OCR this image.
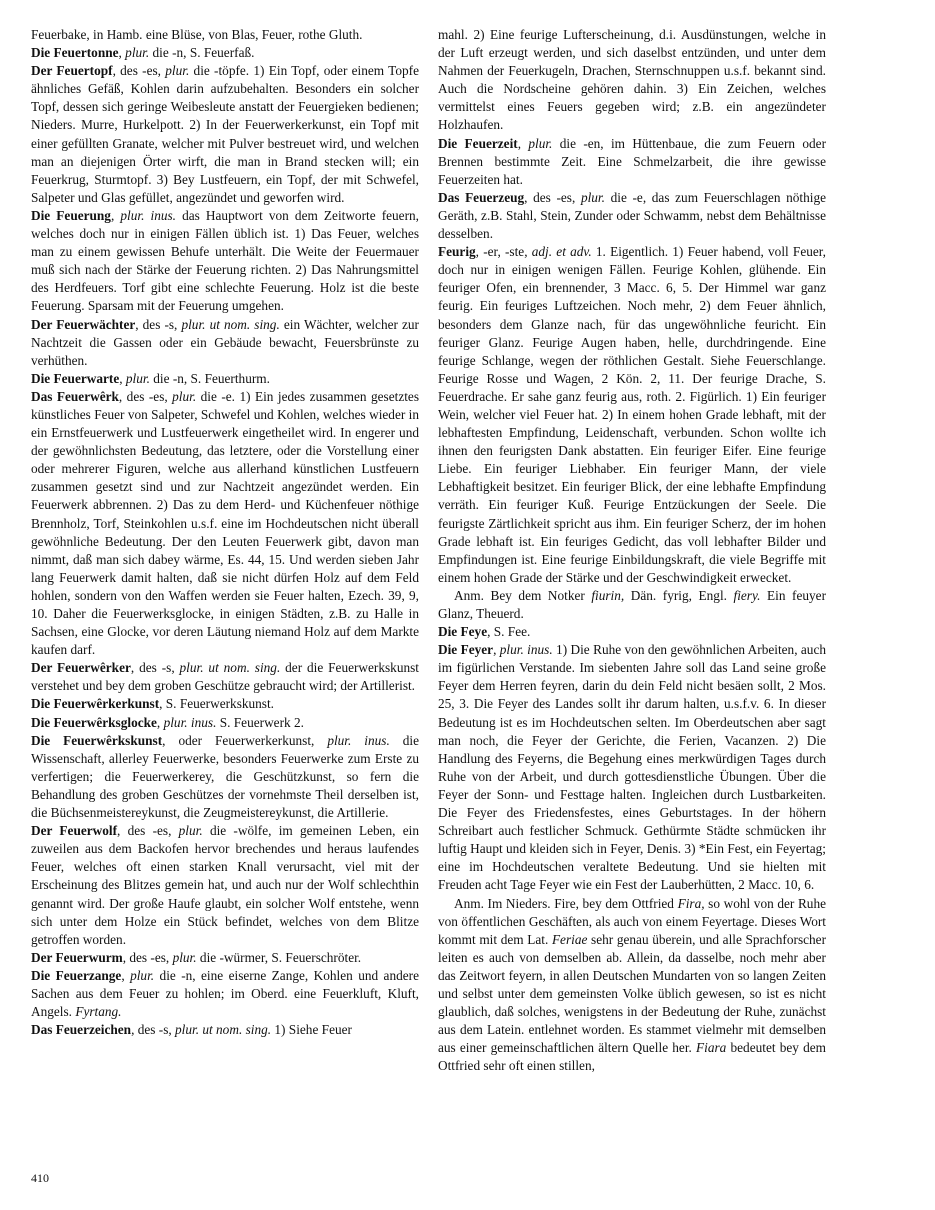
Feuerbake, in Hamb. eine Blüse, von Blas, Feuer, rothe Gluth.

Die Feuertonne, plur. die -n, S. Feuerfaß.

Der Feuertopf, des -es, plur. die -töpfe. 1) Ein Topf, oder einem Topfe ähnliches Gefäß, Kohlen darin aufzubehalten. Besonders ein solcher Topf, dessen sich geringe Weibesleute anstatt der Feuergieken bedienen; Nieders. Murre, Hurkelpott. 2) In der Feuerwerkerkunst, ein Topf mit einer gefüllten Granate, welcher mit Pulver bestreuet wird, und welchen man an diejenigen Örter wirft, die man in Brand stecken will; ein Feuerkrug, Sturmtopf. 3) Bey Lustfeuern, ein Topf, der mit Schwefel, Salpeter und Glas gefüllet, angezündet und geworfen wird.

Die Feuerung, plur. inus. das Hauptwort von dem Zeitworte feuern, welches doch nur in einigen Fällen üblich ist. 1) Das Feuer, welches man zu einem gewissen Behufe unterhält. Die Weite der Feuermauer muß sich nach der Stärke der Feuerung richten. 2) Das Nahrungsmittel des Herdfeuers. Torf gibt eine schlechte Feuerung. Holz ist die beste Feuerung. Sparsam mit der Feuerung umgehen.

Der Feuerwächter, des -s, plur. ut nom. sing. ein Wächter, welcher zur Nachtzeit die Gassen oder ein Gebäude bewacht, Feuersbrünste zu verhüthen.

Die Feuerwarte, plur. die -n, S. Feuerthurm.

Das Feuerwêrk, des -es, plur. die -e. 1) Ein jedes zusammen gesetztes künstliches Feuer von Salpeter, Schwefel und Kohlen, welches wieder in ein Ernstfeuerwerk und Lustfeuerwerk eingetheilet wird. In engerer und der gewöhnlichsten Bedeutung, das letztere, oder die Vorstellung einer oder mehrerer Figuren, welche aus allerhand künstlichen Lustfeuern zusammen gesetzt sind und zur Nachtzeit angezündet werden. Ein Feuerwerk abbrennen. 2) Das zu dem Herd- und Küchenfeuer nöthige Brennholz, Torf, Steinkohlen u.s.f. eine im Hochdeutschen nicht überall gewöhnliche Bedeutung. Der den Leuten Feuerwerk gibt, davon man nimmt, daß man sich dabey wärme, Es. 44, 15. Und werden sieben Jahr lang Feuerwerk damit halten, daß sie nicht dürfen Holz auf dem Feld hohlen, sondern von den Waffen werden sie Feuer halten, Ezech. 39, 9, 10. Daher die Feuerwerksglocke, in einigen Städten, z.B. zu Halle in Sachsen, eine Glocke, vor deren Läutung niemand Holz auf dem Markte kaufen darf.

Der Feuerwêrker, des -s, plur. ut nom. sing. der die Feuerwerkskunst verstehet und bey dem groben Geschütze gebraucht wird; der Artillerist.

Die Feuerwêrkerkunst, S. Feuerwerkskunst.

Die Feuerwêrksglocke, plur. inus. S. Feuerwerk 2.

Die Feuerwêrkskunst, oder Feuerwerkerkunst, plur. inus. die Wissenschaft, allerley Feuerwerke, besonders Feuerwerke zum Erste zu verfertigen; die Feuerwerkerey, die Geschützkunst, so fern die Behandlung des groben Geschützes der vornehmste Theil derselben ist, die Büchsenmeistereykunst, die Zeugmeistereykunst, die Artillerie.

Der Feuerwolf, des -es, plur. die -wölfe, im gemeinen Leben, ein zuweilen aus dem Backofen hervor brechendes und heraus laufendes Feuer, welches oft einen starken Knall verursacht, viel mit der Erscheinung des Blitzes gemein hat, und auch nur der Wolf schlechthin genannt wird. Der große Haufe glaubt, ein solcher Wolf entstehe, wenn sich unter dem Holze ein Stück befindet, welches von dem Blitze getroffen worden.

Der Feuerwurm, des -es, plur. die -würmer, S. Feuerschröter.

Die Feuerzange, plur. die -n, eine eiserne Zange, Kohlen und andere Sachen aus dem Feuer zu hohlen; im Oberd. eine Feuerkluft, Kluft, Angels. Fyrtang.

Das Feuerzeichen, des -s, plur. ut nom. sing. 1) Siehe Feuer

mahl. 2) Eine feurige Lufterscheinung, d.i. Ausdünstungen, welche in der Luft erzeugt werden, und sich daselbst entzünden, und unter dem Nahmen der Feuerkugeln, Drachen, Sternschnuppen u.s.f. bekannt sind. Auch die Nordscheine gehören dahin. 3) Ein Zeichen, welches vermittelst eines Feuers gegeben wird; z.B. ein angezündeter Holzhaufen.

Die Feuerzeit, plur. die -en, im Hüttenbaue, die zum Feuern oder Brennen bestimmte Zeit. Eine Schmelzarbeit, die ihre gewisse Feuerzeiten hat.

Das Feuerzeug, des -es, plur. die -e, das zum Feuerschlagen nöthige Geräth, z.B. Stahl, Stein, Zunder oder Schwamm, nebst dem Behältnisse desselben.

Feurig, -er, -ste, adj. et adv. 1. Eigentlich. 1) Feuer habend, voll Feuer, doch nur in einigen wenigen Fällen. Feurige Kohlen, glühende. Ein feuriger Ofen, ein brennender, 3 Macc. 6, 5. Der Himmel war ganz feurig. Ein feuriges Luftzeichen. Noch mehr, 2) dem Feuer ähnlich, besonders dem Glanze nach, für das ungewöhnliche feuricht. Ein feuriger Glanz. Feurige Augen haben, helle, durchdringende. Eine feurige Schlange, wegen der röthlichen Gestalt. Siehe Feuerschlange. Feurige Rosse und Wagen, 2 Kön. 2, 11. Der feurige Drache, S. Feuerdrache. Er sahe ganz feurig aus, roth. 2. Figürlich. 1) Ein feuriger Wein, welcher viel Feuer hat. 2) In einem hohen Grade lebhaft, mit der lebhaftesten Empfindung, Leidenschaft, verbunden. Schon wollte ich ihnen den feurigsten Dank abstatten. Ein feuriger Eifer. Eine feurige Liebe. Ein feuriger Liebhaber. Ein feuriger Mann, der viele Lebhaftigkeit besitzet. Ein feuriger Blick, der eine lebhafte Empfindung verräth. Ein feuriger Kuß. Feurige Entzückungen der Seele. Die feurigste Zärtlichkeit spricht aus ihm. Ein feuriger Scherz, der im hohen Grade lebhaft ist. Ein feuriges Gedicht, das voll lebhafter Bilder und Empfindungen ist. Eine feurige Einbildungskraft, die viele Begriffe mit einem hohen Grade der Stärke und der Geschwindigkeit erwecket.

Anm. Bey dem Notker fiurin, Dän. fyrig, Engl. fiery. Ein feuyer Glanz, Theuerd.

Die Feye, S. Fee.

Die Feyer, plur. inus. 1) Die Ruhe von den gewöhnlichen Arbeiten, auch im figürlichen Verstande. Im siebenten Jahre soll das Land seine große Feyer dem Herren feyren, darin du dein Feld nicht besäen sollt, 2 Mos. 25, 3. Die Feyer des Landes sollt ihr darum halten, u.s.f.v. 6. In dieser Bedeutung ist es im Hochdeutschen selten. Im Oberdeutschen aber sagt man noch, die Feyer der Gerichte, die Ferien, Vacanzen. 2) Die Handlung des Feyerns, die Begehung eines merkwürdigen Tages durch Ruhe von der Arbeit, und durch gottesdienstliche Übungen. Über die Feyer der Sonn- und Festtage halten. Ingleichen durch Lustbarkeiten. Die Feyer des Friedensfestes, eines Geburtstages. In der höhern Schreibart auch festlicher Schmuck. Gethürmte Städte schmücken ihr luftig Haupt und kleiden sich in Feyer, Denis. 3) *Ein Fest, ein Feyertag; eine im Hochdeutschen veraltete Bedeutung. Und sie hielten mit Freuden acht Tage Feyer wie ein Fest der Lauberhütten, 2 Macc. 10, 6.

Anm. Im Nieders. Fire, bey dem Ottfried Fira, so wohl von der Ruhe von öffentlichen Geschäften, als auch von einem Feyertage. Dieses Wort kommt mit dem Lat. Feriae sehr genau überein, und alle Sprachforscher leiten es auch von demselben ab. Allein, da dasselbe, noch mehr aber das Zeitwort feyern, in allen Deutschen Mundarten von so langen Zeiten und selbst unter dem gemeinsten Volke üblich gewesen, so ist es nicht glaublich, daß solches, wenigstens in der Bedeutung der Ruhe, zunächst aus dem Latein. entlehnet worden. Es stammet vielmehr mit demselben aus einer gemeinschaftlichen ältern Quelle her. Fiara bedeutet bey dem Ottfried sehr oft einen stillen,

410
